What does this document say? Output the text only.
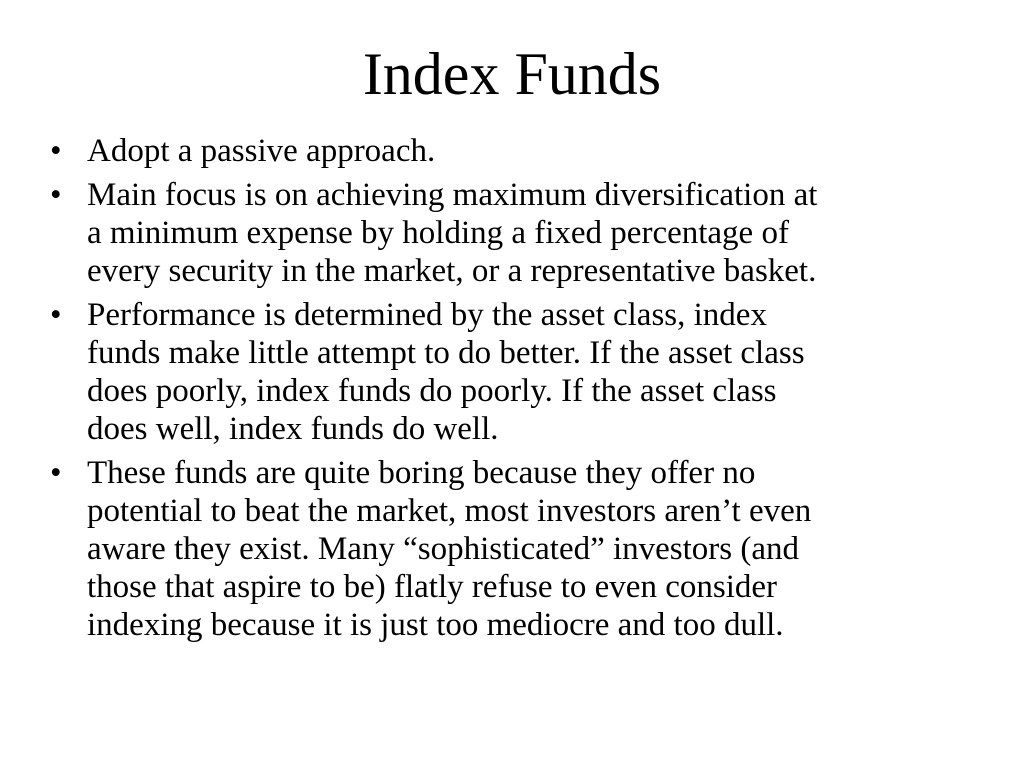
Index Funds
• Adopt a passive approach.
• Main focus is on achieving maximum diversification at
a minimum expense by holding a fixed percentage of
every security in the market, or a representative basket.
• Performance is determined by the asset class, index
funds make little attempt to do better. If the asset class
does poorly, index funds do poorly. If the asset class
does well, index funds do well.
• These funds are quite boring because they offer no
potential to beat the market, most investors aren’t even
aware they exist. Many “sophisticated” investors (and
those that aspire to be) flatly refuse to even consider
indexing because it is just too mediocre and too dull.
